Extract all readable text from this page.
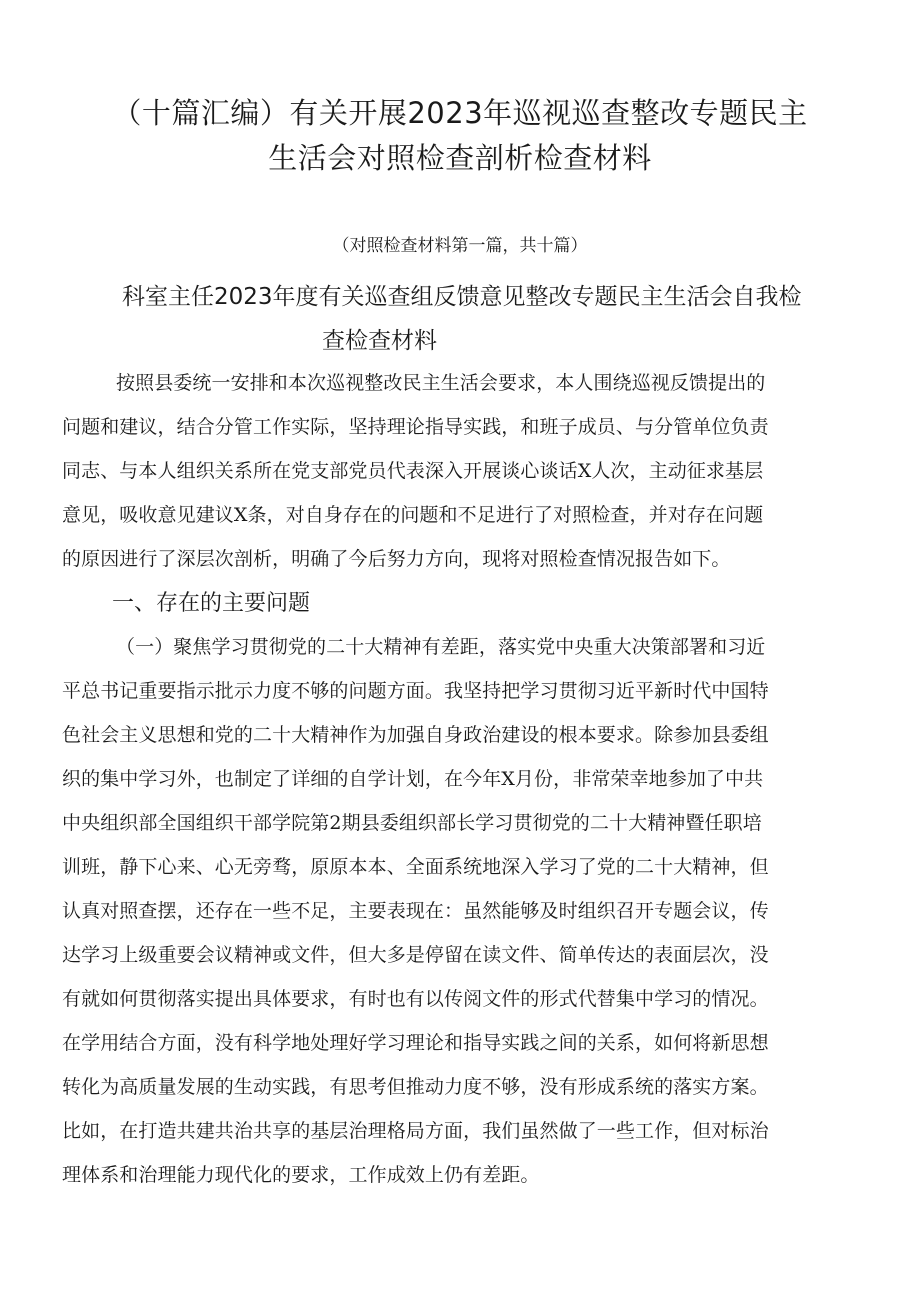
（十篇汇编）有关开展2023年巡视巡查整改专题民主
生活会对照检查剖析检查材料
（对照检查材料第一篇，共十篇）
科室主任2023年度有关巡查组反馈意见整改专题民主生活会自我检
查检查材料
按照县委统一安排和本次巡视整改民主生活会要求，本人围绕巡视反馈提出的
问题和建议，结合分管工作实际，坚持理论指导实践，和班子成员、与分管单位负责
同志、与本人组织关系所在党支部党员代表深入开展谈心谈话X人次，主动征求基层
意见，吸收意见建议X条，对自身存在的问题和不足进行了对照检查，并对存在问题
的原因进行了深层次剖析，明确了今后努力方向，现将对照检查情况报告如下。
一、存在的主要问题
（一）聚焦学习贯彻党的二十大精神有差距，落实党中央重大决策部署和习近
平总书记重要指示批示力度不够的问题方面。我坚持把学习贯彻习近平新时代中国特
色社会主义思想和党的二十大精神作为加强自身政治建设的根本要求。除参加县委组
织的集中学习外，也制定了详细的自学计划，在今年X月份，非常荣幸地参加了中共
中央组织部全国组织干部学院第2期县委组织部长学习贯彻党的二十大精神暨任职培
训班，静下心来、心无旁骛，原原本本、全面系统地深入学习了党的二十大精神，但
认真对照查摆，还存在一些不足，主要表现在：虽然能够及时组织召开专题会议，传
达学习上级重要会议精神或文件，但大多是停留在读文件、简单传达的表面层次，没
有就如何贯彻落实提出具体要求，有时也有以传阅文件的形式代替集中学习的情况。
在学用结合方面，没有科学地处理好学习理论和指导实践之间的关系，如何将新思想
转化为高质量发展的生动实践，有思考但推动力度不够，没有形成系统的落实方案。
比如，在打造共建共治共享的基层治理格局方面，我们虽然做了一些工作，但对标治
理体系和治理能力现代化的要求，工作成效上仍有差距。
